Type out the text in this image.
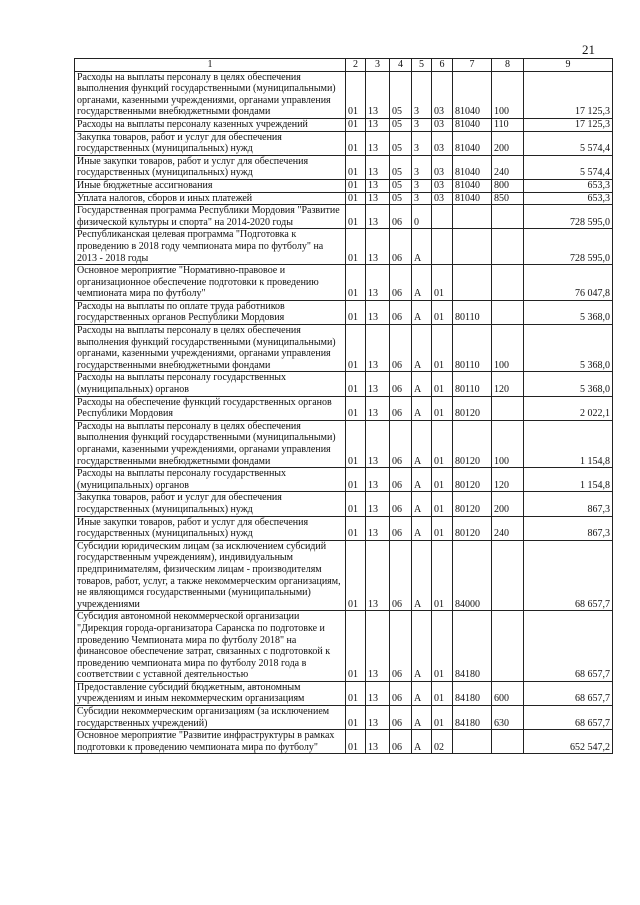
21
1	2	3	4	5	6	7	8	9
Расходы на выплаты персоналу в целях обеспечения выполнения функций государственными (муниципальными) органами, казенными учреждениями, органами управления государственными внебюджетными фондами	01	13	05	3	03	81040	100	17 125,3
Расходы на выплаты персоналу казенных учреждений	01	13	05	3	03	81040	110	17 125,3
Закупка товаров, работ и услуг для обеспечения государственных (муниципальных) нужд	01	13	05	3	03	81040	200	5 574,4
Иные закупки товаров, работ и услуг для обеспечения государственных (муниципальных) нужд	01	13	05	3	03	81040	240	5 574,4
Иные бюджетные ассигнования	01	13	05	3	03	81040	800	653,3
Уплата налогов, сборов и иных платежей	01	13	05	3	03	81040	850	653,3
Государственная программа Республики Мордовия "Развитие физической культуры и спорта" на 2014-2020 годы	01	13	06	0				728 595,0
Республиканская целевая программа "Подготовка к проведению в 2018 году чемпионата мира по футболу" на 2013 - 2018 годы	01	13	06	А				728 595,0
Основное мероприятие "Нормативно-правовое и организационное обеспечение подготовки к проведению чемпионата мира по футболу"	01	13	06	А	01			76 047,8
Расходы на выплаты по оплате труда работников государственных органов Республики Мордовия	01	13	06	А	01	80110		5 368,0
Расходы на выплаты персоналу в целях обеспечения выполнения функций государственными (муниципальными) органами, казенными учреждениями, органами управления государственными внебюджетными фондами	01	13	06	А	01	80110	100	5 368,0
Расходы на выплаты персоналу государственных (муниципальных) органов	01	13	06	А	01	80110	120	5 368,0
Расходы на обеспечение функций государственных органов Республики Мордовия	01	13	06	А	01	80120		2 022,1
Расходы на выплаты персоналу в целях обеспечения выполнения функций государственными (муниципальными) органами, казенными учреждениями, органами управления государственными внебюджетными фондами	01	13	06	А	01	80120	100	1 154,8
Расходы на выплаты персоналу государственных (муниципальных) органов	01	13	06	А	01	80120	120	1 154,8
Закупка товаров, работ и услуг для обеспечения государственных (муниципальных) нужд	01	13	06	А	01	80120	200	867,3
Иные закупки товаров, работ и услуг для обеспечения государственных (муниципальных) нужд	01	13	06	А	01	80120	240	867,3
Субсидии юридическим лицам (за исключением субсидий государственным учреждениям), индивидуальным предпринимателям, физическим лицам - производителям товаров, работ, услуг, а также некоммерческим организациям, не являющимся государственными (муниципальными) учреждениями	01	13	06	А	01	84000		68 657,7
Субсидия автономной некоммерческой организации "Дирекция города-организатора Саранска по подготовке и проведению Чемпионата мира по футболу 2018" на финансовое обеспечение затрат, связанных с подготовкой к проведению чемпионата мира по футболу 2018 года в соответствии с уставной деятельностью	01	13	06	А	01	84180		68 657,7
Предоставление субсидий бюджетным, автономным учреждениям и иным некоммерческим организациям	01	13	06	А	01	84180	600	68 657,7
Субсидии некоммерческим организациям (за исключением государственных учреждений)	01	13	06	А	01	84180	630	68 657,7
Основное мероприятие "Развитие инфраструктуры в рамках подготовки к проведению чемпионата мира по футболу"	01	13	06	А	02			652 547,2
